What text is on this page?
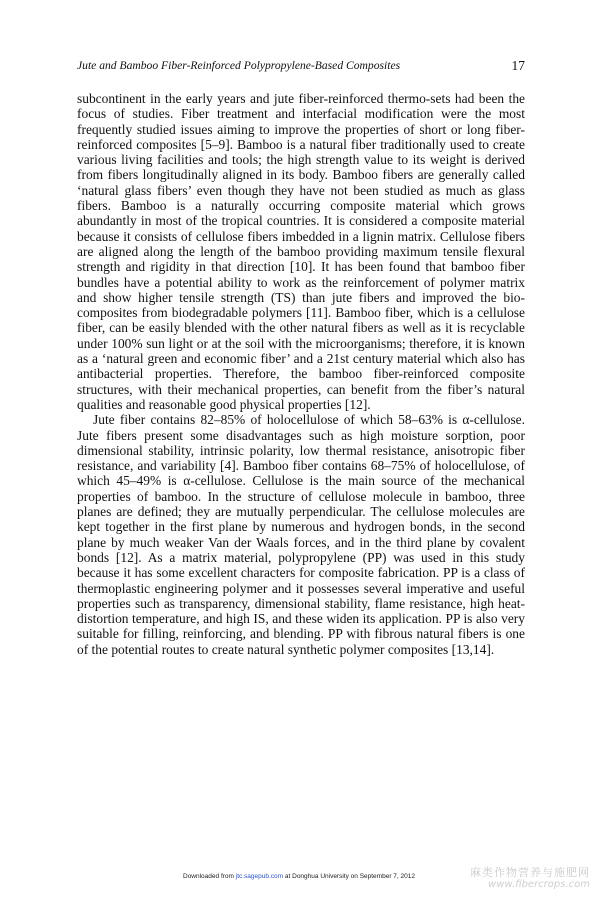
Jute and Bamboo Fiber-Reinforced Polypropylene-Based Composites	17

subcontinent in the early years and jute fiber-reinforced thermo-sets had been the focus of studies. Fiber treatment and interfacial modification were the most frequently studied issues aiming to improve the properties of short or long fiber-reinforced composites [5–9]. Bamboo is a natural fiber traditionally used to create various living facilities and tools; the high strength value to its weight is derived from fibers longitudinally aligned in its body. Bamboo fibers are generally called ‘natural glass fibers’ even though they have not been studied as much as glass fibers. Bamboo is a naturally occurring composite material which grows abundantly in most of the tropical countries. It is considered a composite material because it consists of cellulose fibers imbedded in a lignin matrix. Cellulose fibers are aligned along the length of the bamboo providing maximum tensile flexural strength and rigidity in that direction [10]. It has been found that bamboo fiber bundles have a potential ability to work as the reinforcement of polymer matrix and show higher tensile strength (TS) than jute fibers and improved the bio-composites from biodegradable polymers [11]. Bamboo fiber, which is a cellulose fiber, can be easily blended with the other natural fibers as well as it is recyclable under 100% sun light or at the soil with the microorganisms; therefore, it is known as a ‘natural green and economic fiber’ and a 21st century material which also has antibacterial properties. Therefore, the bamboo fiber-reinforced composite structures, with their mechanical properties, can benefit from the fiber’s natural qualities and reasonable good physical properties [12].

Jute fiber contains 82–85% of holocellulose of which 58–63% is α-cellulose. Jute fibers present some disadvantages such as high moisture sorption, poor dimensional stability, intrinsic polarity, low thermal resistance, anisotropic fiber resistance, and variability [4]. Bamboo fiber contains 68–75% of holocellulose, of which 45–49% is α-cellulose. Cellulose is the main source of the mechanical properties of bamboo. In the structure of cellulose molecule in bamboo, three planes are defined; they are mutually perpendicular. The cellulose molecules are kept together in the first plane by numerous and hydrogen bonds, in the second plane by much weaker Van der Waals forces, and in the third plane by covalent bonds [12]. As a matrix material, polypropylene (PP) was used in this study because it has some excellent characters for composite fabrication. PP is a class of thermoplastic engineering polymer and it possesses several imperative and useful properties such as transparency, dimensional stability, flame resistance, high heat-distortion temperature, and high IS, and these widen its application. PP is also very suitable for filling, reinforcing, and blending. PP with fibrous natural fibers is one of the potential routes to create natural synthetic polymer composites [13,14].

Downloaded from jtc.sagepub.com at Donghua University on September 7, 2012	麻类作物营养与施肥网
www.fibercrops.com
